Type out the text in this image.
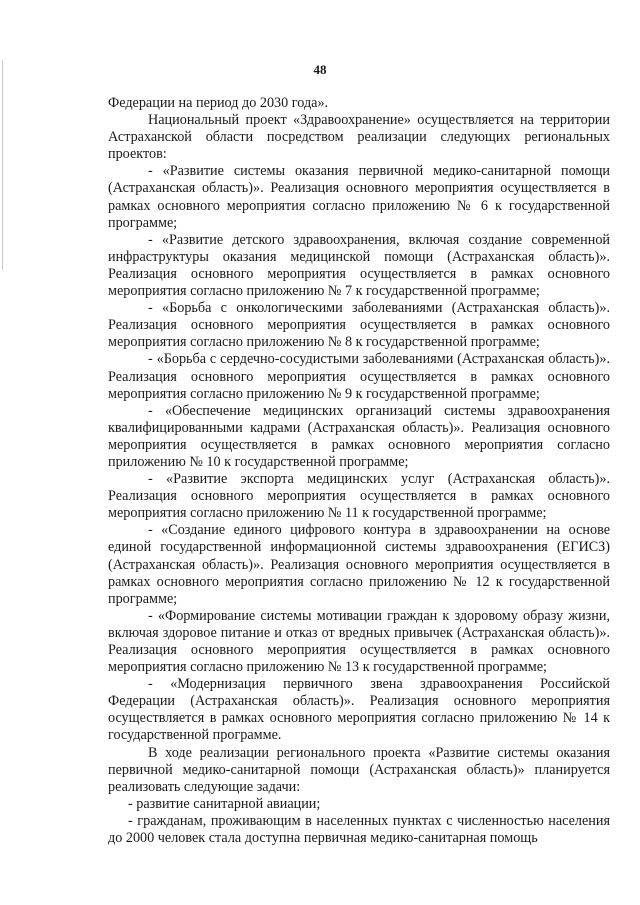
48

Федерации на период до 2030 года».

Национальный проект «Здравоохранение» осуществляется на территории Астраханской области посредством реализации следующих региональных проектов:

- «Развитие системы оказания первичной медико-санитарной помощи (Астраханская область)». Реализация основного мероприятия осуществляется в рамках основного мероприятия согласно приложению № 6 к государственной программе;

- «Развитие детского здравоохранения, включая создание современной инфраструктуры оказания медицинской помощи (Астраханская область)». Реализация основного мероприятия осуществляется в рамках основного мероприятия согласно приложению № 7 к государственной программе;

- «Борьба с онкологическими заболеваниями (Астраханская область)». Реализация основного мероприятия осуществляется в рамках основного мероприятия согласно приложению № 8 к государственной программе;

- «Борьба с сердечно-сосудистыми заболеваниями (Астраханская область)». Реализация основного мероприятия осуществляется в рамках основного мероприятия согласно приложению № 9 к государственной программе;

- «Обеспечение медицинских организаций системы здравоохранения квалифицированными кадрами (Астраханская область)». Реализация основного мероприятия осуществляется в рамках основного мероприятия согласно приложению № 10 к государственной программе;

- «Развитие экспорта медицинских услуг (Астраханская область)». Реализация основного мероприятия осуществляется в рамках основного мероприятия согласно приложению № 11 к государственной программе;

- «Создание единого цифрового контура в здравоохранении на основе единой государственной информационной системы здравоохранения (ЕГИСЗ) (Астраханская область)». Реализация основного мероприятия осуществляется в рамках основного мероприятия согласно приложению № 12 к государственной программе;

- «Формирование системы мотивации граждан к здоровому образу жизни, включая здоровое питание и отказ от вредных привычек (Астраханская область)». Реализация основного мероприятия осуществляется в рамках основного мероприятия согласно приложению № 13 к государственной программе;

- «Модернизация первичного звена здравоохранения Российской Федерации (Астраханская область)». Реализация основного мероприятия осуществляется в рамках основного мероприятия согласно приложению № 14 к государственной программе.

В ходе реализации регионального проекта «Развитие системы оказания первичной медико-санитарной помощи (Астраханская область)» планируется реализовать следующие задачи:

- развитие санитарной авиации;

- гражданам, проживающим в населенных пунктах с численностью населения до 2000 человек стала доступна первичная медико-санитарная помощь
